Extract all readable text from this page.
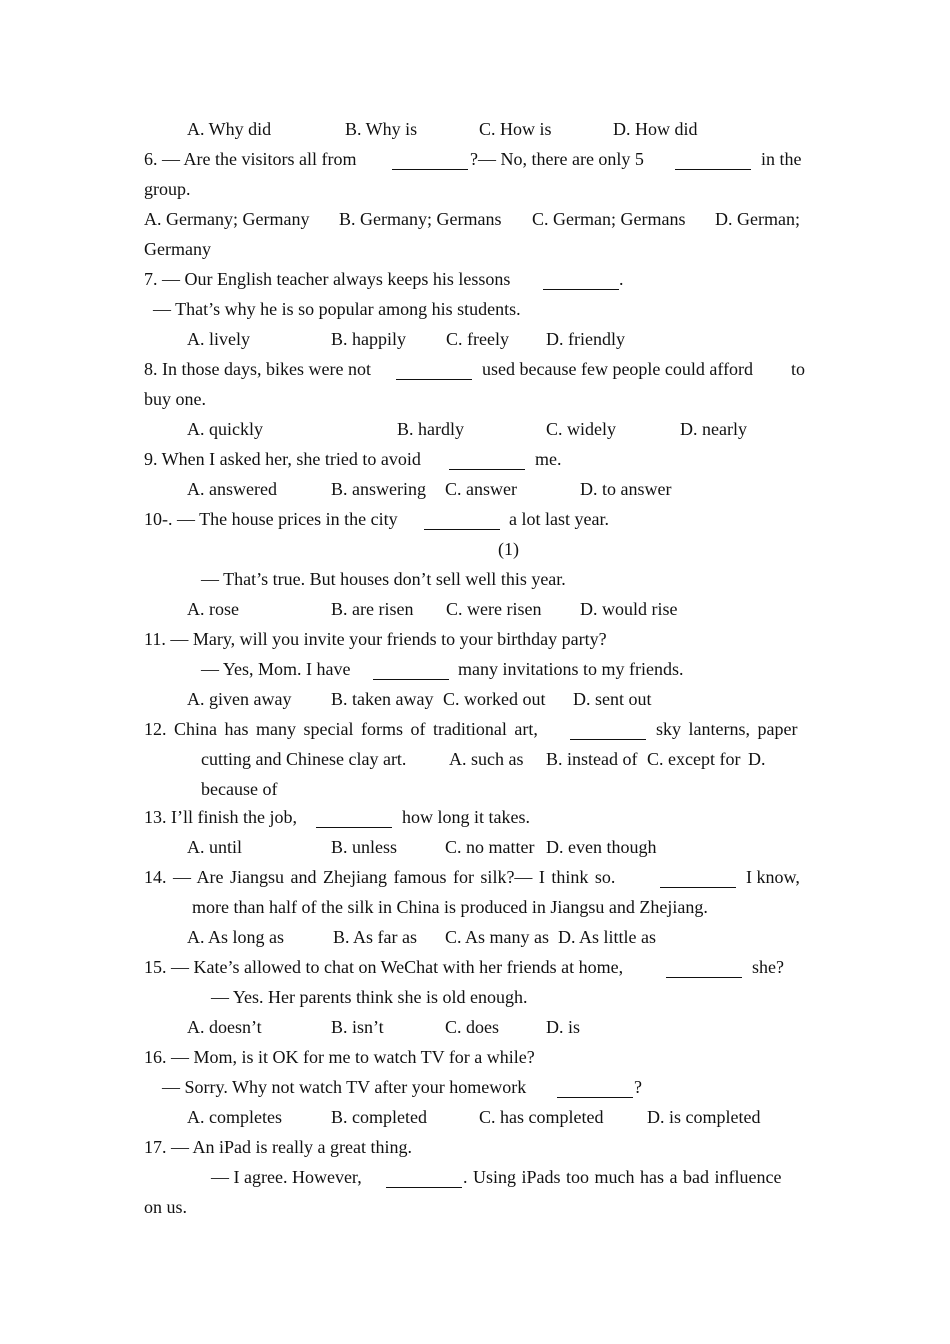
A. Why did	B. Why is	C. How is	D. How did
6. — Are the visitors all from	?— No, there are only 5	in the
group.
A. Germany; Germany B. Germany; Germans C. German; Germans D. German;
Germany
7. — Our English teacher always keeps his lessons	.
— That’s why he is so popular among his students.
A. lively	B. happily C. freely D. friendly
8. In those days, bikes were not	used because few people could afford to
buy one.
A. quickly	B. hardly	C. widely	D. nearly
9. When I asked her, she tried to avoid	me.
A. answered	B. answering C. answer	D. to answer
10-. — The house prices in the city	a lot last year.
(1)
— That’s true. But houses don’t sell well this year.
A. rose	B. are risen C. were risen D. would rise
11. — Mary, will you invite your friends to your birthday party?
— Yes, Mom. I have	many invitations to my friends.
A. given away B. taken away C. worked out D. sent out
12. China has many special forms of traditional art,	sky lanterns, paper
cutting and Chinese clay art. A. such as B. instead of C. except for D.
because of
13. I’ll finish the job,	how long it takes.
A. until	B. unless	C. no matter D. even though
14. — Are Jiangsu and Zhejiang famous for silk?— I think so.	I know,
more than half of the silk in China is produced in Jiangsu and Zhejiang.
A. As long as	B. As far as C. As many as D. As little as
15. — Kate’s allowed to chat on WeChat with her friends at home,	she?
— Yes. Her parents think she is old enough.
A. doesn’t	B. isn’t	C. does	D. is
16. — Mom, is it OK for me to watch TV for a while?
— Sorry. Why not watch TV after your homework	?
A. completes	B. completed	C. has completed D. is completed
17. — An iPad is really a great thing.
— I agree. However,	. Using iPads too much has a bad influence
on us.
